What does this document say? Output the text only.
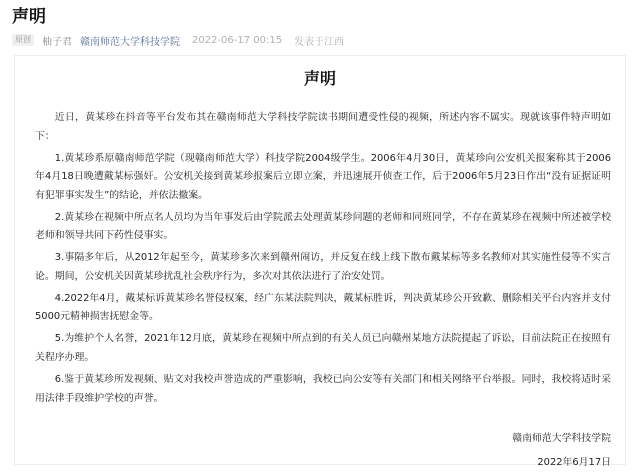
声明
原创	柚子君 赣南师范大学科技学院 2022-06-17 00:15 发表于江西
声明

近日，黄某珍在抖音等平台发布其在赣南师范大学科技学院读书期间遭受性侵的视频，所述内容不属实。现就该事件特声明如下：

1.黄某珍系原赣南师范学院（现赣南师范大学）科技学院2004级学生。2006年4月30日，黄某珍向公安机关报案称其于2006年4月18日晚遭戴某标强奸。公安机关接到黄某珍报案后立即立案，并迅速展开侦查工作，后于2006年5月23日作出“没有证据证明有犯罪事实发生”的结论，并依法撤案。

2.黄某珍在视频中所点名人员均为当年事发后由学院派去处理黄某珍问题的老师和同班同学，不存在黄某珍在视频中所述被学校老师和领导共同下药性侵事实。

3.事隔多年后，从2012年起至今，黄某珍多次来到赣州闹访，并反复在线上线下散布戴某标等多名教师对其实施性侵等不实言论。期间，公安机关因黄某珍扰乱社会秩序行为，多次对其依法进行了治安处罚。

4.2022年4月，戴某标诉黄某珍名誉侵权案，经广东某法院判决，戴某标胜诉，判决黄某珍公开致歉、删除相关平台内容并支付5000元精神损害抚慰金等。

5.为维护个人名誉，2021年12月底，黄某珍在视频中所点到的有关人员已向赣州某地方法院提起了诉讼，目前法院正在按照有关程序办理。

6.鉴于黄某珍所发视频、贴文对我校声誉造成的严重影响，我校已向公安等有关部门和相关网络平台举报。同时，我校将适时采用法律手段维护学校的声誉。

赣南师范大学科技学院
2022年6月17日
